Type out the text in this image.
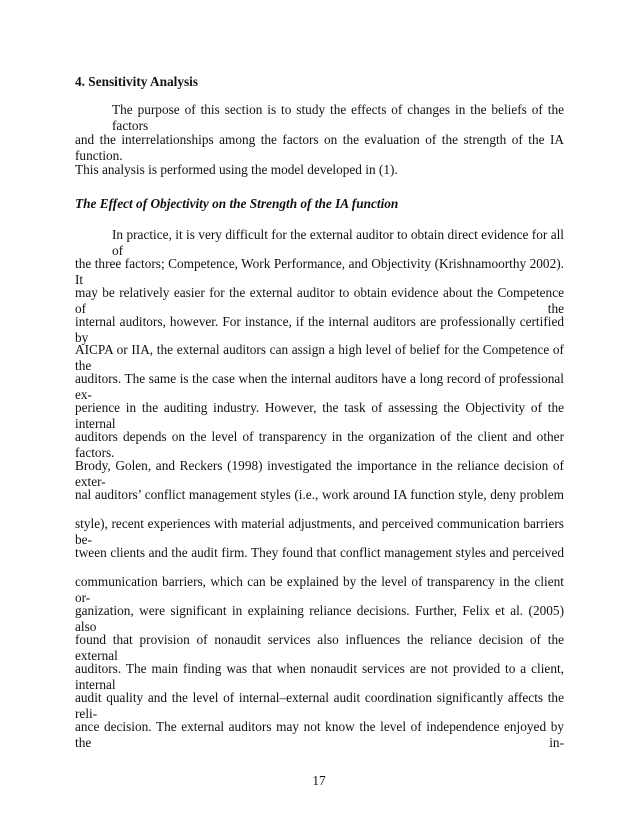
4. Sensitivity Analysis
The purpose of this section is to study the effects of changes in the beliefs of the factors
and the interrelationships among the factors on the evaluation of the strength of the IA function.
This analysis is performed using the model developed in (1).
The Effect of Objectivity on the Strength of the IA function
In practice, it is very difficult for the external auditor to obtain direct evidence for all of
the three factors; Competence, Work Performance, and Objectivity (Krishnamoorthy 2002). It
may be relatively easier for the external auditor to obtain evidence about the Competence of the
internal auditors, however. For instance, if the internal auditors are professionally certified by
AICPA or IIA, the external auditors can assign a high level of belief for the Competence of the
auditors. The same is the case when the internal auditors have a long record of professional ex-
perience in the auditing industry. However, the task of assessing the Objectivity of the internal
auditors depends on the level of transparency in the organization of the client and other factors.
Brody, Golen, and Reckers (1998) investigated the importance in the reliance decision of exter-
nal auditors’ conflict management styles (i.e., work around IA function style, deny problem
style), recent experiences with material adjustments, and perceived communication barriers be-
tween clients and the audit firm. They found that conflict management styles and perceived
communication barriers, which can be explained by the level of transparency in the client or-
ganization, were significant in explaining reliance decisions. Further, Felix et al. (2005) also
found that provision of nonaudit services also influences the reliance decision of the external
auditors. The main finding was that when nonaudit services are not provided to a client, internal
audit quality and the level of internal–external audit coordination significantly affects the reli-
ance decision. The external auditors may not know the level of independence enjoyed by the in-
17
